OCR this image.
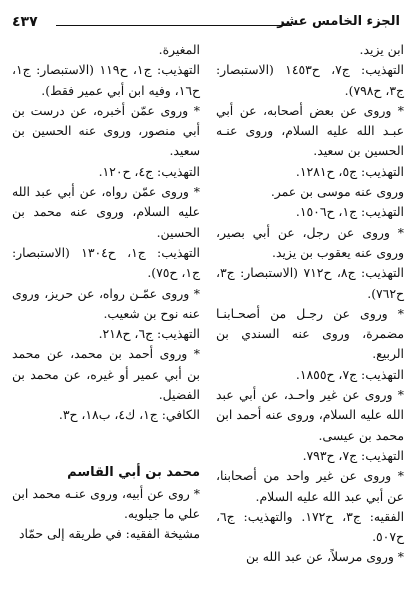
الجزء الخامس عشر
٤٣٧

ابن يزيد.

التهذيب: ج٧، ح١٤٥٣ (الاستبصار: ج٣، ح٧٩٨).

* وروى عن بعض أصحابه، عن أبي عبـد الله عليه السلام، وروى عنـه الحسين بن سعيد.

التهذيب: ج٥، ح١٢٨١.

وروى عنه موسى بن عمر.

التهذيب: ج١، ح١٥٠٦.

* وروى عن رجل، عن أبي بصير، وروى عنه يعقوب بن يزيد.

التهذيب: ج٨، ح٧١٢ (الاستبصار: ج٣، ح٧٦٢).

* وروى عن رجـل من أصحـابنـا مضمرة، وروى عنه السندي بن الربيع.

التهذيب: ج٧، ح١٨٥٥.

* وروى عن غير واحـد، عن أبي عبد الله عليه السلام، وروى عنه أحمد ابن محمد بن عيسى.

التهذيب: ج٧، ح٧٩٣.

* وروى عن غير واحد من أصحابنا، عن أبي عبد الله عليه السلام.

الفقيه: ج٣، ح١٧٢. والتهذيب: ج٦، ح٥٠٧.

* وروى مرسلاً، عن عبد الله بن

المغيرة.

التهذيب: ج١، ح١١٩ (الاستبصار: ج١، ح١٦، وفيه ابن أبي عمير فقط).

* وروى عمّن أخبره، عن درست بن أبي منصور، وروى عنه الحسين بن سعيد.

التهذيب: ج٤، ح١٢٠.

* وروى عمّن رواه، عن أبي عبد الله عليه السلام، وروى عنه محمد بن الحسين.

التهذيب: ج١، ح١٣٠٤ (الاستبصار: ج١، ح٧٥).

* وروى عمّـن رواه، عن حريز، وروى عنه نوح بن شعيب.

التهذيب: ج٦، ح٢١٨.

* وروى أحمد بن محمد، عن محمد بن أبي عمير أو غيره، عن محمد بن الفضيل.

الكافي: ج١، ك٤، ب١٨، ح٣.

محمد بن أبي القاسم

* روى عن أبيه، وروى عنـه محمد ابن علي ما جيلويه.

مشيخة الفقيه: في طريقه إلى حمّاد
